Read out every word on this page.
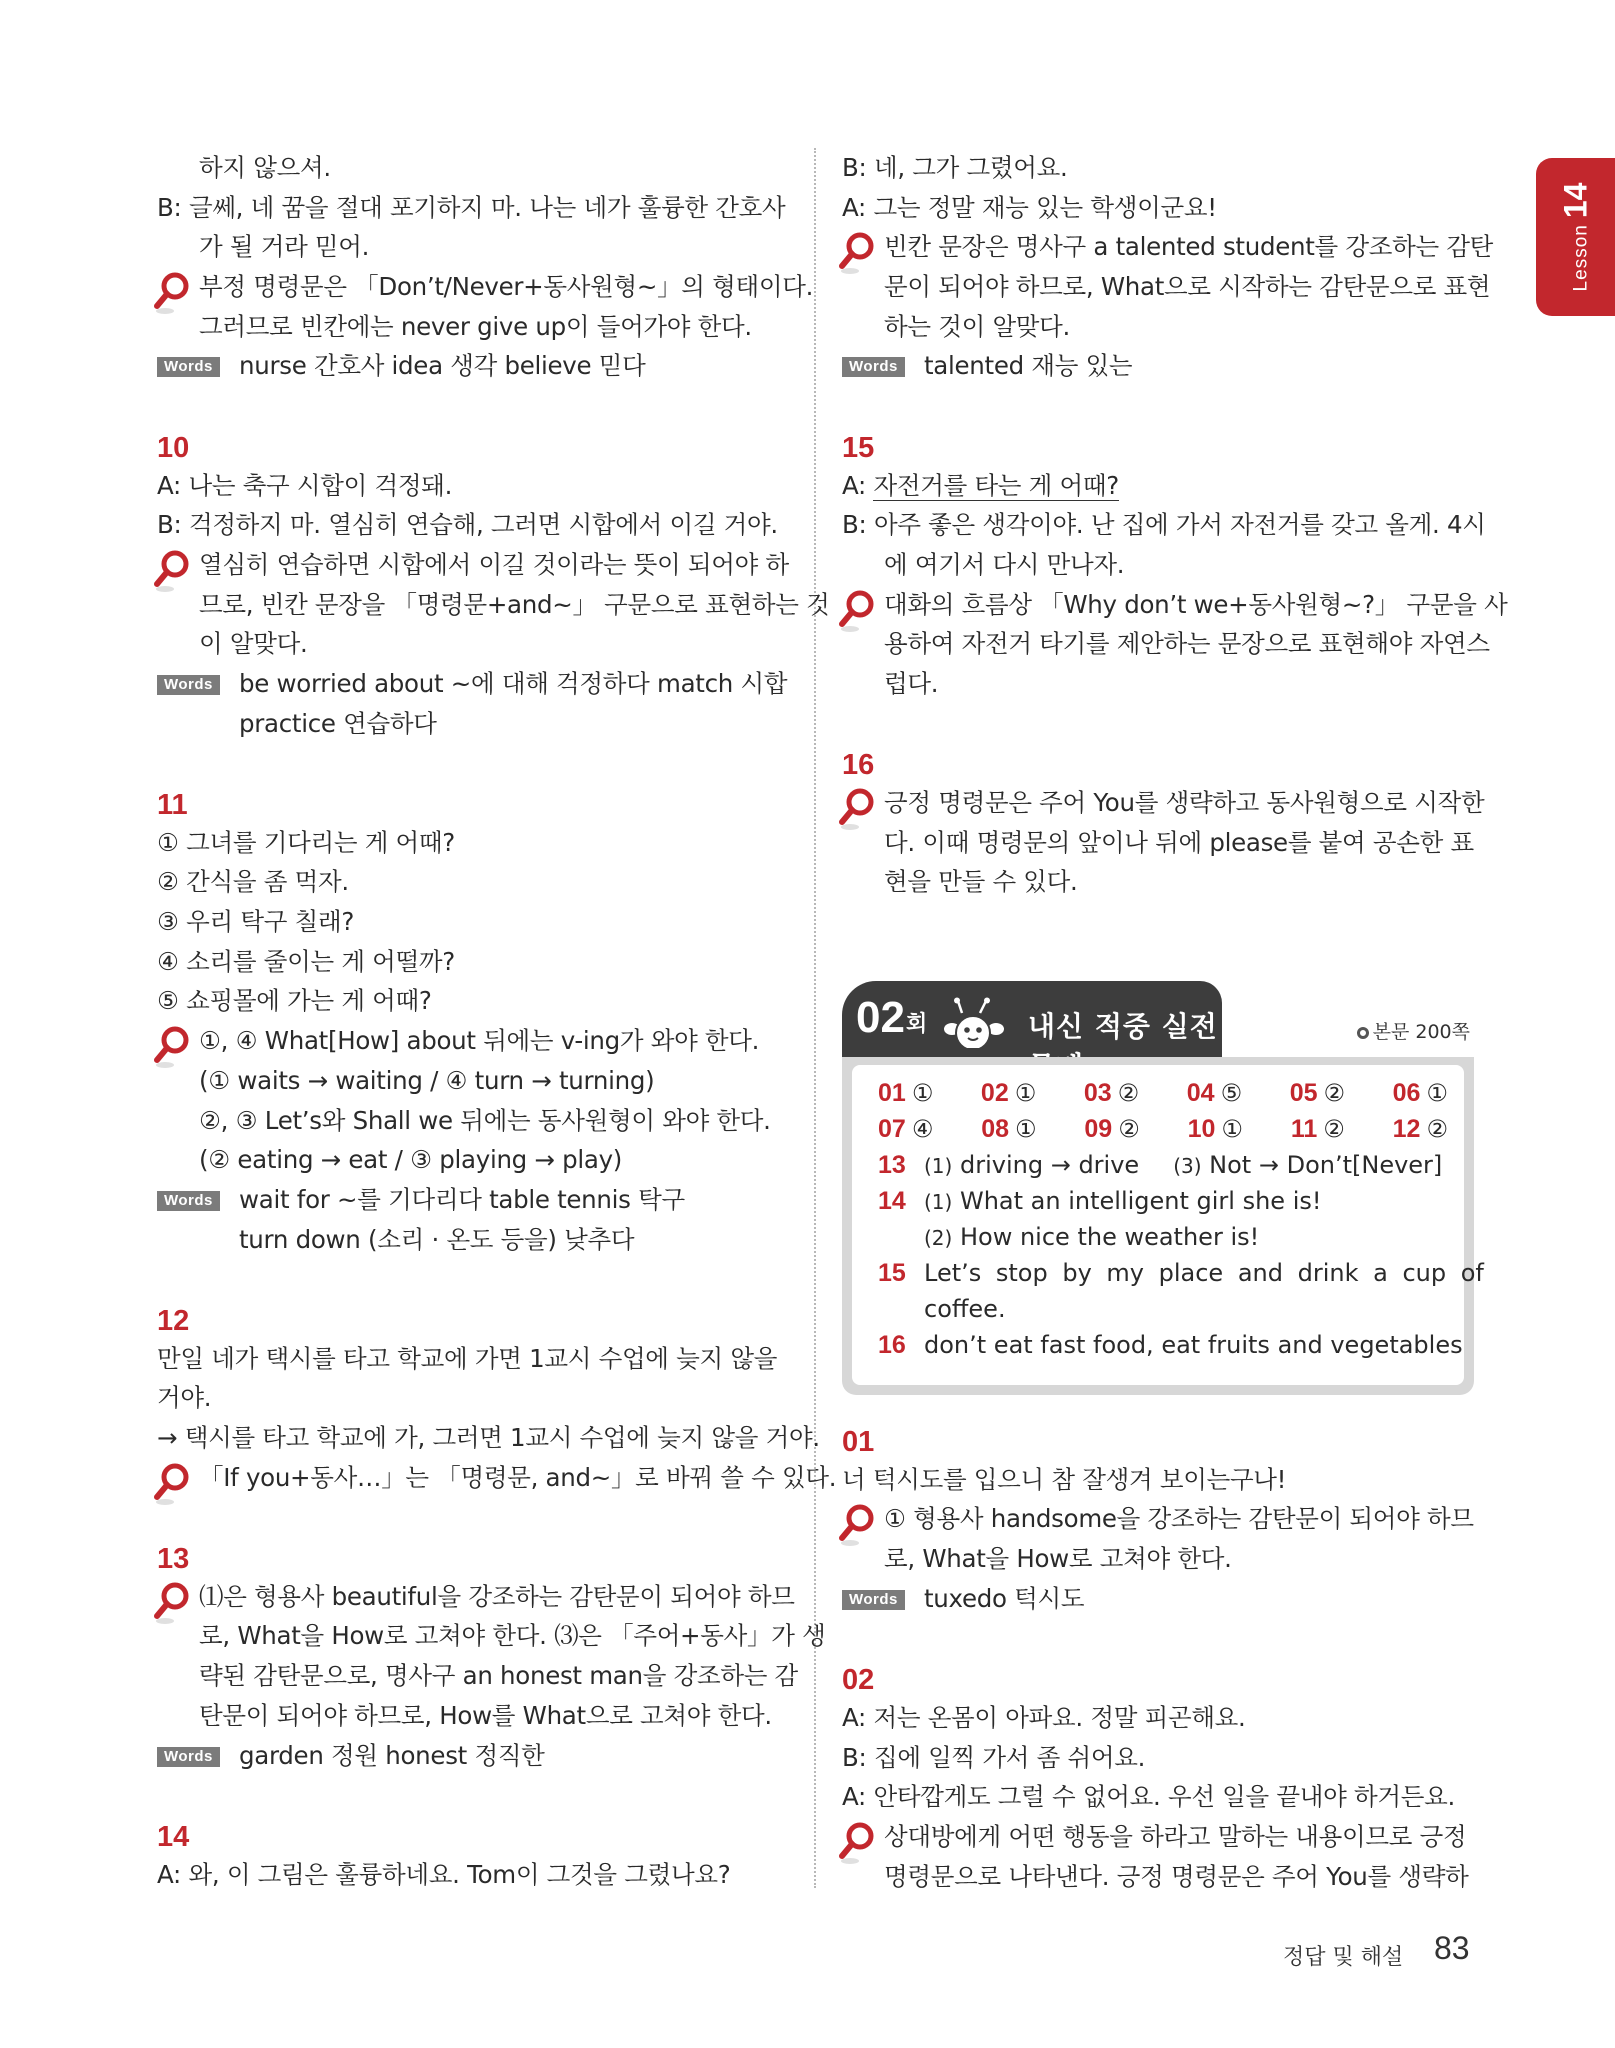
Lesson14
하지 않으셔.
B: 글쎄, 네 꿈을 절대 포기하지 마. 나는 네가 훌륭한 간호사
가 될 거라 믿어.
부정 명령문은 「Don’t/Never+동사원형~」의 형태이다.
그러므로 빈칸에는 never give up이 들어가야 한다.
Words nurse 간호사 idea 생각 believe 믿다
10
A: 나는 축구 시합이 걱정돼.
B: 걱정하지 마. 열심히 연습해, 그러면 시합에서 이길 거야.
열심히 연습하면 시합에서 이길 것이라는 뜻이 되어야 하
므로, 빈칸 문장을 「명령문+and~」 구문으로 표현하는 것
이 알맞다.
Words be worried about ~에 대해 걱정하다 match 시합
practice 연습하다
11
① 그녀를 기다리는 게 어때?
② 간식을 좀 먹자.
③ 우리 탁구 칠래?
④ 소리를 줄이는 게 어떨까?
⑤ 쇼핑몰에 가는 게 어때?
①, ④ What[How] about 뒤에는 v-ing가 와야 한다.
(① waits → waiting / ④ turn → turning)
②, ③ Let’s와 Shall we 뒤에는 동사원형이 와야 한다.
(② eating → eat / ③ playing → play)
Words wait for ~를 기다리다 table tennis 탁구
turn down (소리 · 온도 등을) 낮추다
12
만일 네가 택시를 타고 학교에 가면 1교시 수업에 늦지 않을
거야.
→ 택시를 타고 학교에 가, 그러면 1교시 수업에 늦지 않을 거야.
「If you+동사…」는 「명령문, and~」로 바꿔 쓸 수 있다.
13
⑴은 형용사 beautiful을 강조하는 감탄문이 되어야 하므
로, What을 How로 고쳐야 한다. ⑶은 「주어+동사」가 생
략된 감탄문으로, 명사구 an honest man을 강조하는 감
탄문이 되어야 하므로, How를 What으로 고쳐야 한다.
Words garden 정원 honest 정직한
14
A: 와, 이 그림은 훌륭하네요. Tom이 그것을 그렸나요?
B: 네, 그가 그렸어요.
A: 그는 정말 재능 있는 학생이군요!
빈칸 문장은 명사구 a talented student를 강조하는 감탄
문이 되어야 하므로, What으로 시작하는 감탄문으로 표현
하는 것이 알맞다.
Words talented 재능 있는
15
A: 자전거를 타는 게 어때?
B: 아주 좋은 생각이야. 난 집에 가서 자전거를 갖고 올게. 4시
에 여기서 다시 만나자.
대화의 흐름상 「Why don’t we+동사원형~?」 구문을 사
용하여 자전거 타기를 제안하는 문장으로 표현해야 자연스
럽다.
16
긍정 명령문은 주어 You를 생략하고 동사원형으로 시작한
다. 이때 명령문의 앞이나 뒤에 please를 붙여 공손한 표
현을 만들 수 있다.
02 회	내신 적중 실전	본문 200쪽
01 ① 02 ① 03 ② 04 ⑤ 05 ② 06 ①
07 ④ 08 ① 09 ② 10 ① 11 ② 12 ②
13 (1) driving → drive (3) Not → Don’t[Never]
14 (1) What an intelligent girl she is!
(2) How nice the weather is!
15 Let’s stop by my place and drink a cup of
coffee.
16 don’t eat fast food, eat fruits and vegetables
01
너 턱시도를 입으니 참 잘생겨 보이는구나!
① 형용사 handsome을 강조하는 감탄문이 되어야 하므
로, What을 How로 고쳐야 한다.
Words tuxedo 턱시도
02
A: 저는 온몸이 아파요. 정말 피곤해요.
B: 집에 일찍 가서 좀 쉬어요.
A: 안타깝게도 그럴 수 없어요. 우선 일을 끝내야 하거든요.
상대방에게 어떤 행동을 하라고 말하는 내용이므로 긍정
명령문으로 나타낸다. 긍정 명령문은 주어 You를 생략하
정답 및 해설 83
